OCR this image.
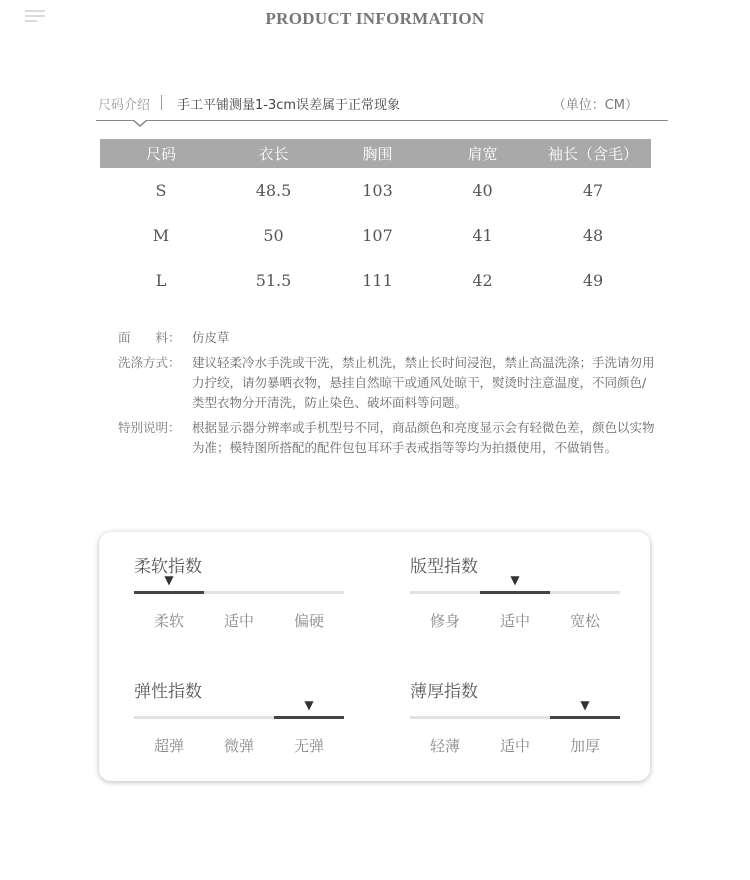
PRODUCT INFORMATION
尺码介绍 手工平铺测量1-3cm误差属于正常现象	（单位：CM）
尺码	衣长	胸围	肩宽	袖长（含毛）
S	48.5	103	40	47
M	50	107	41	48
L	51.5	111	42	49
面　　料： 仿皮草
洗涤方式： 建议轻柔冷水手洗或干洗，禁止机洗，禁止长时间浸泡，禁止高温洗涤；手洗请勿用力拧绞，请勿暴晒衣物，悬挂自然晾干或通风处晾干，熨烫时注意温度，不同颜色/类型衣物分开清洗，防止染色、破坏面料等问题。
特别说明： 根据显示器分辨率或手机型号不同，商品颜色和亮度显示会有轻微色差，颜色以实物为准；模特图所搭配的配件包包耳环手表戒指等等均为拍摄使用，不做销售。
柔软指数
▼
柔软	适中	偏硬
版型指数
▼
修身	适中	宽松
弹性指数
▼
超弹	微弹	无弹
薄厚指数
▼
轻薄	适中	加厚
